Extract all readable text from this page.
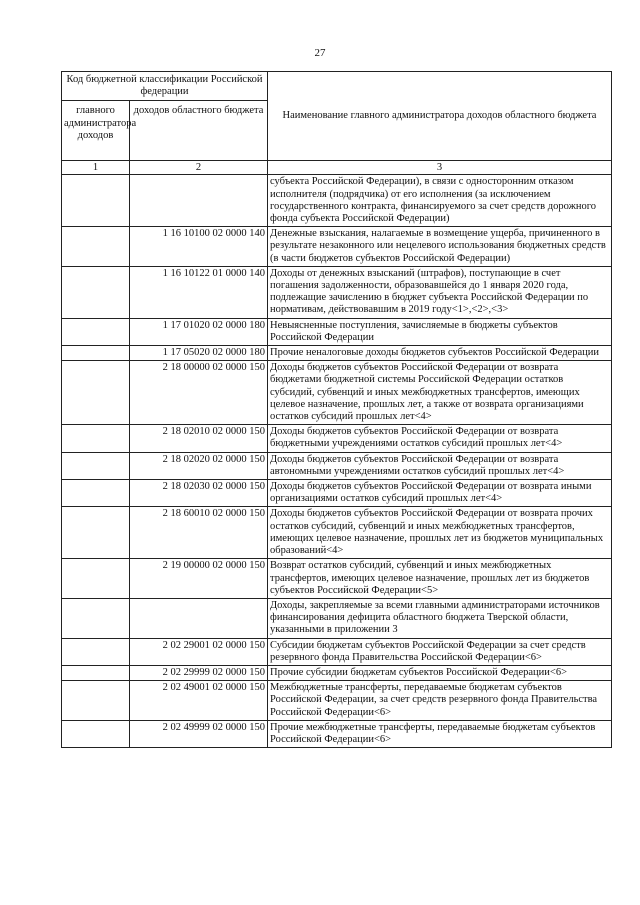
27
Код бюджетной классификации Российской федерации		Наименование главного администратора доходов областного бюджета
главного администратора доходов	доходов областного бюджета	
1	2	3
		субъекта Российской Федерации), в связи с односторонним отказом исполнителя (подрядчика) от его исполнения (за исключением государственного контракта, финансируемого за счет средств дорожного фонда субъекта Российской Федерации)
	1 16 10100 02 0000 140	Денежные взыскания, налагаемые в возмещение ущерба, причиненного в результате незаконного или нецелевого использования бюджетных средств (в части бюджетов субъектов Российской Федерации)
	1 16 10122 01 0000 140	Доходы от денежных взысканий (штрафов), поступающие в счет погашения задолженности, образовавшейся до 1 января 2020 года, подлежащие зачислению в бюджет субъекта Российской Федерации по нормативам, действовавшим в 2019 году<1>,<2>,<3>
	1 17 01020 02 0000 180	Невыясненные поступления, зачисляемые в бюджеты субъектов Российской Федерации
	1 17 05020 02 0000 180	Прочие неналоговые доходы бюджетов субъектов Российской Федерации
	2 18 00000 02 0000 150	Доходы бюджетов субъектов Российской Федерации от возврата бюджетами бюджетной системы Российской Федерации остатков субсидий, субвенций и иных межбюджетных трансфертов, имеющих целевое назначение, прошлых лет, а также от возврата организациями остатков субсидий прошлых лет<4>
	2 18 02010 02 0000 150	Доходы бюджетов субъектов Российской Федерации от возврата бюджетными учреждениями остатков субсидий прошлых лет<4>
	2 18 02020 02 0000 150	Доходы бюджетов субъектов Российской Федерации от возврата автономными учреждениями остатков субсидий прошлых лет<4>
	2 18 02030 02 0000 150	Доходы бюджетов субъектов Российской Федерации от возврата иными организациями остатков субсидий прошлых лет<4>
	2 18 60010 02 0000 150	Доходы бюджетов субъектов Российской Федерации от возврата прочих остатков субсидий, субвенций и иных межбюджетных трансфертов, имеющих целевое назначение, прошлых лет из бюджетов муниципальных образований<4>
	2 19 00000 02 0000 150	Возврат остатков субсидий, субвенций и иных межбюджетных трансфертов, имеющих целевое назначение, прошлых лет из бюджетов субъектов Российской Федерации<5>
		Доходы, закрепляемые за всеми главными администраторами источников финансирования дефицита областного бюджета Тверской области, указанными в приложении 3
	2 02 29001 02 0000 150	Субсидии бюджетам субъектов Российской Федерации за счет средств резервного фонда Правительства Российской Федерации<6>
	2 02 29999 02 0000 150	Прочие субсидии бюджетам субъектов Российской Федерации<6>
	2 02 49001 02 0000 150	Межбюджетные трансферты, передаваемые бюджетам субъектов Российской Федерации, за счет средств резервного фонда Правительства Российской Федерации<6>
	2 02 49999 02 0000 150	Прочие межбюджетные трансферты, передаваемые бюджетам субъектов Российской Федерации<6>
